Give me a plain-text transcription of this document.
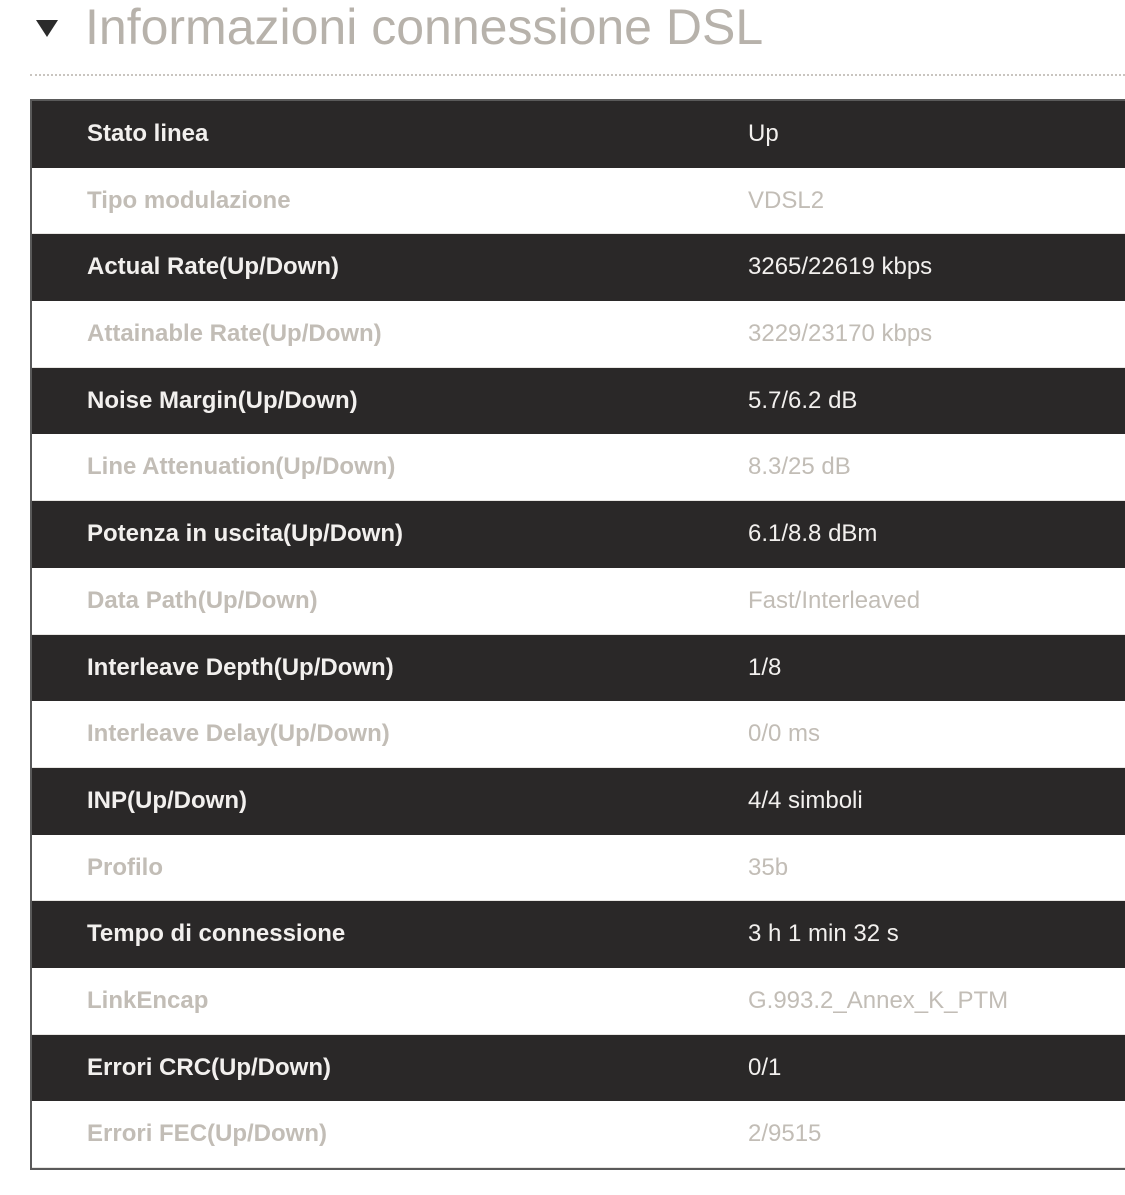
Informazioni connessione DSL
Stato linea	Up
Tipo modulazione	VDSL2
Actual Rate(Up/Down)	3265/22619 kbps
Attainable Rate(Up/Down)	3229/23170 kbps
Noise Margin(Up/Down)	5.7/6.2 dB
Line Attenuation(Up/Down)	8.3/25 dB
Potenza in uscita(Up/Down)	6.1/8.8 dBm
Data Path(Up/Down)	Fast/Interleaved
Interleave Depth(Up/Down)	1/8
Interleave Delay(Up/Down)	0/0 ms
INP(Up/Down)	4/4 simboli
Profilo	35b
Tempo di connessione	3 h 1 min 32 s
LinkEncap	G.993.2_Annex_K_PTM
Errori CRC(Up/Down)	0/1
Errori FEC(Up/Down)	2/9515
